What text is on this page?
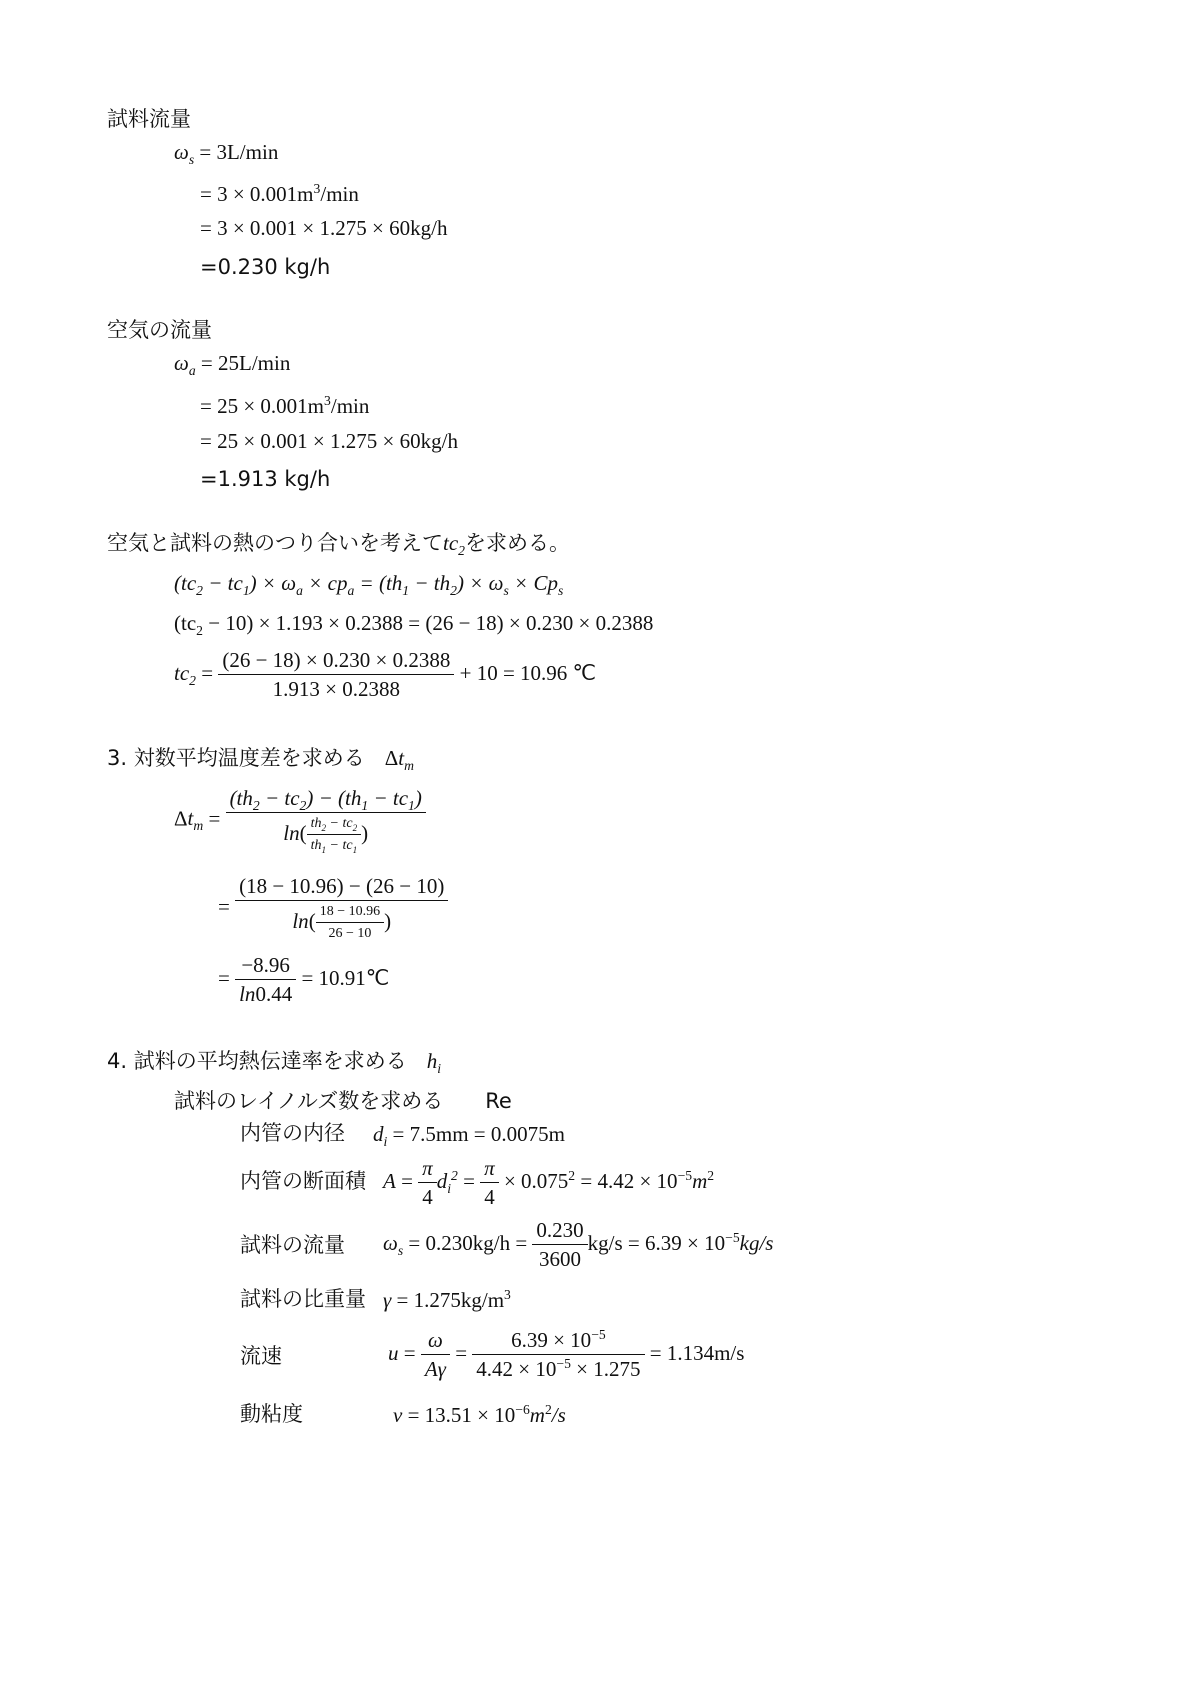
試料流量
$\omega_s = 3L/\min$
= $3 \times 0.001m^3/\min$
= 3 × 0.001 × 1.275 × 60kg/h
=0.230 kg/h
空気の流量
$\omega_a = 25L/\min$
= $25 \times 0.001m^3/\min$
= 25 × 0.001 × 1.275 × 60kg/h
=1.913 kg/h
空気と試料の熱のつり合いを考えて$tc_2$を求める。
$(tc_2 - tc_1) \times \omega_a \times cp_a = (th_1 - th_2) \times \omega_s \times Cp_s$
$(tc_2 - 10) \times 1.193 \times 0.2388 = (26 - 18) \times 0.230 \times 0.2388$
$tc_2 = \frac{(26 - 18) \times 0.230 \times 0.2388}{1.913 \times 0.2388} + 10 = 10.96$ ℃
3. 対数平均温度差を求める $\Delta t_m$
$\Delta t_m = \frac{(th_2 - tc_2) - (th_1 - tc_1)}{\ln( \frac{th_2 - tc_2}{th_1 - tc_1} )}$
= $\frac{(18 - 10.96) - (26 - 10)}{\ln( \frac{18 - 10.96}{26 - 10} )}$
= $\frac{-8.96}{\ln 0.44}$ = 10.91℃
4. 試料の平均熱伝達率を求める $h_i$
試料のレイノルズ数を求める Re
内管の内径 $d_i = 7.5mm = 0.0075m$
内管の断面積 $A = \frac{\pi}{4} d_i^2 = \frac{\pi}{4} \times 0.075^2 = 4.42 \times 10^{-5}m^2$
試料の流量 $\omega_s = 0.230kg/h = \frac{0.230}{3600} kg/s = 6.39 \times 10^{-5}kg/s$
試料の比重量 $\gamma = 1.275kg/m^3$
流速	$u = \frac{\omega}{A\gamma} = \frac{6.39 \times 10^{-5}}{4.42 \times 10^{-5} \times 1.275} = 1.134m/s$
動粘度	$\nu = 13.51 \times 10^{-6}m^2/s$
